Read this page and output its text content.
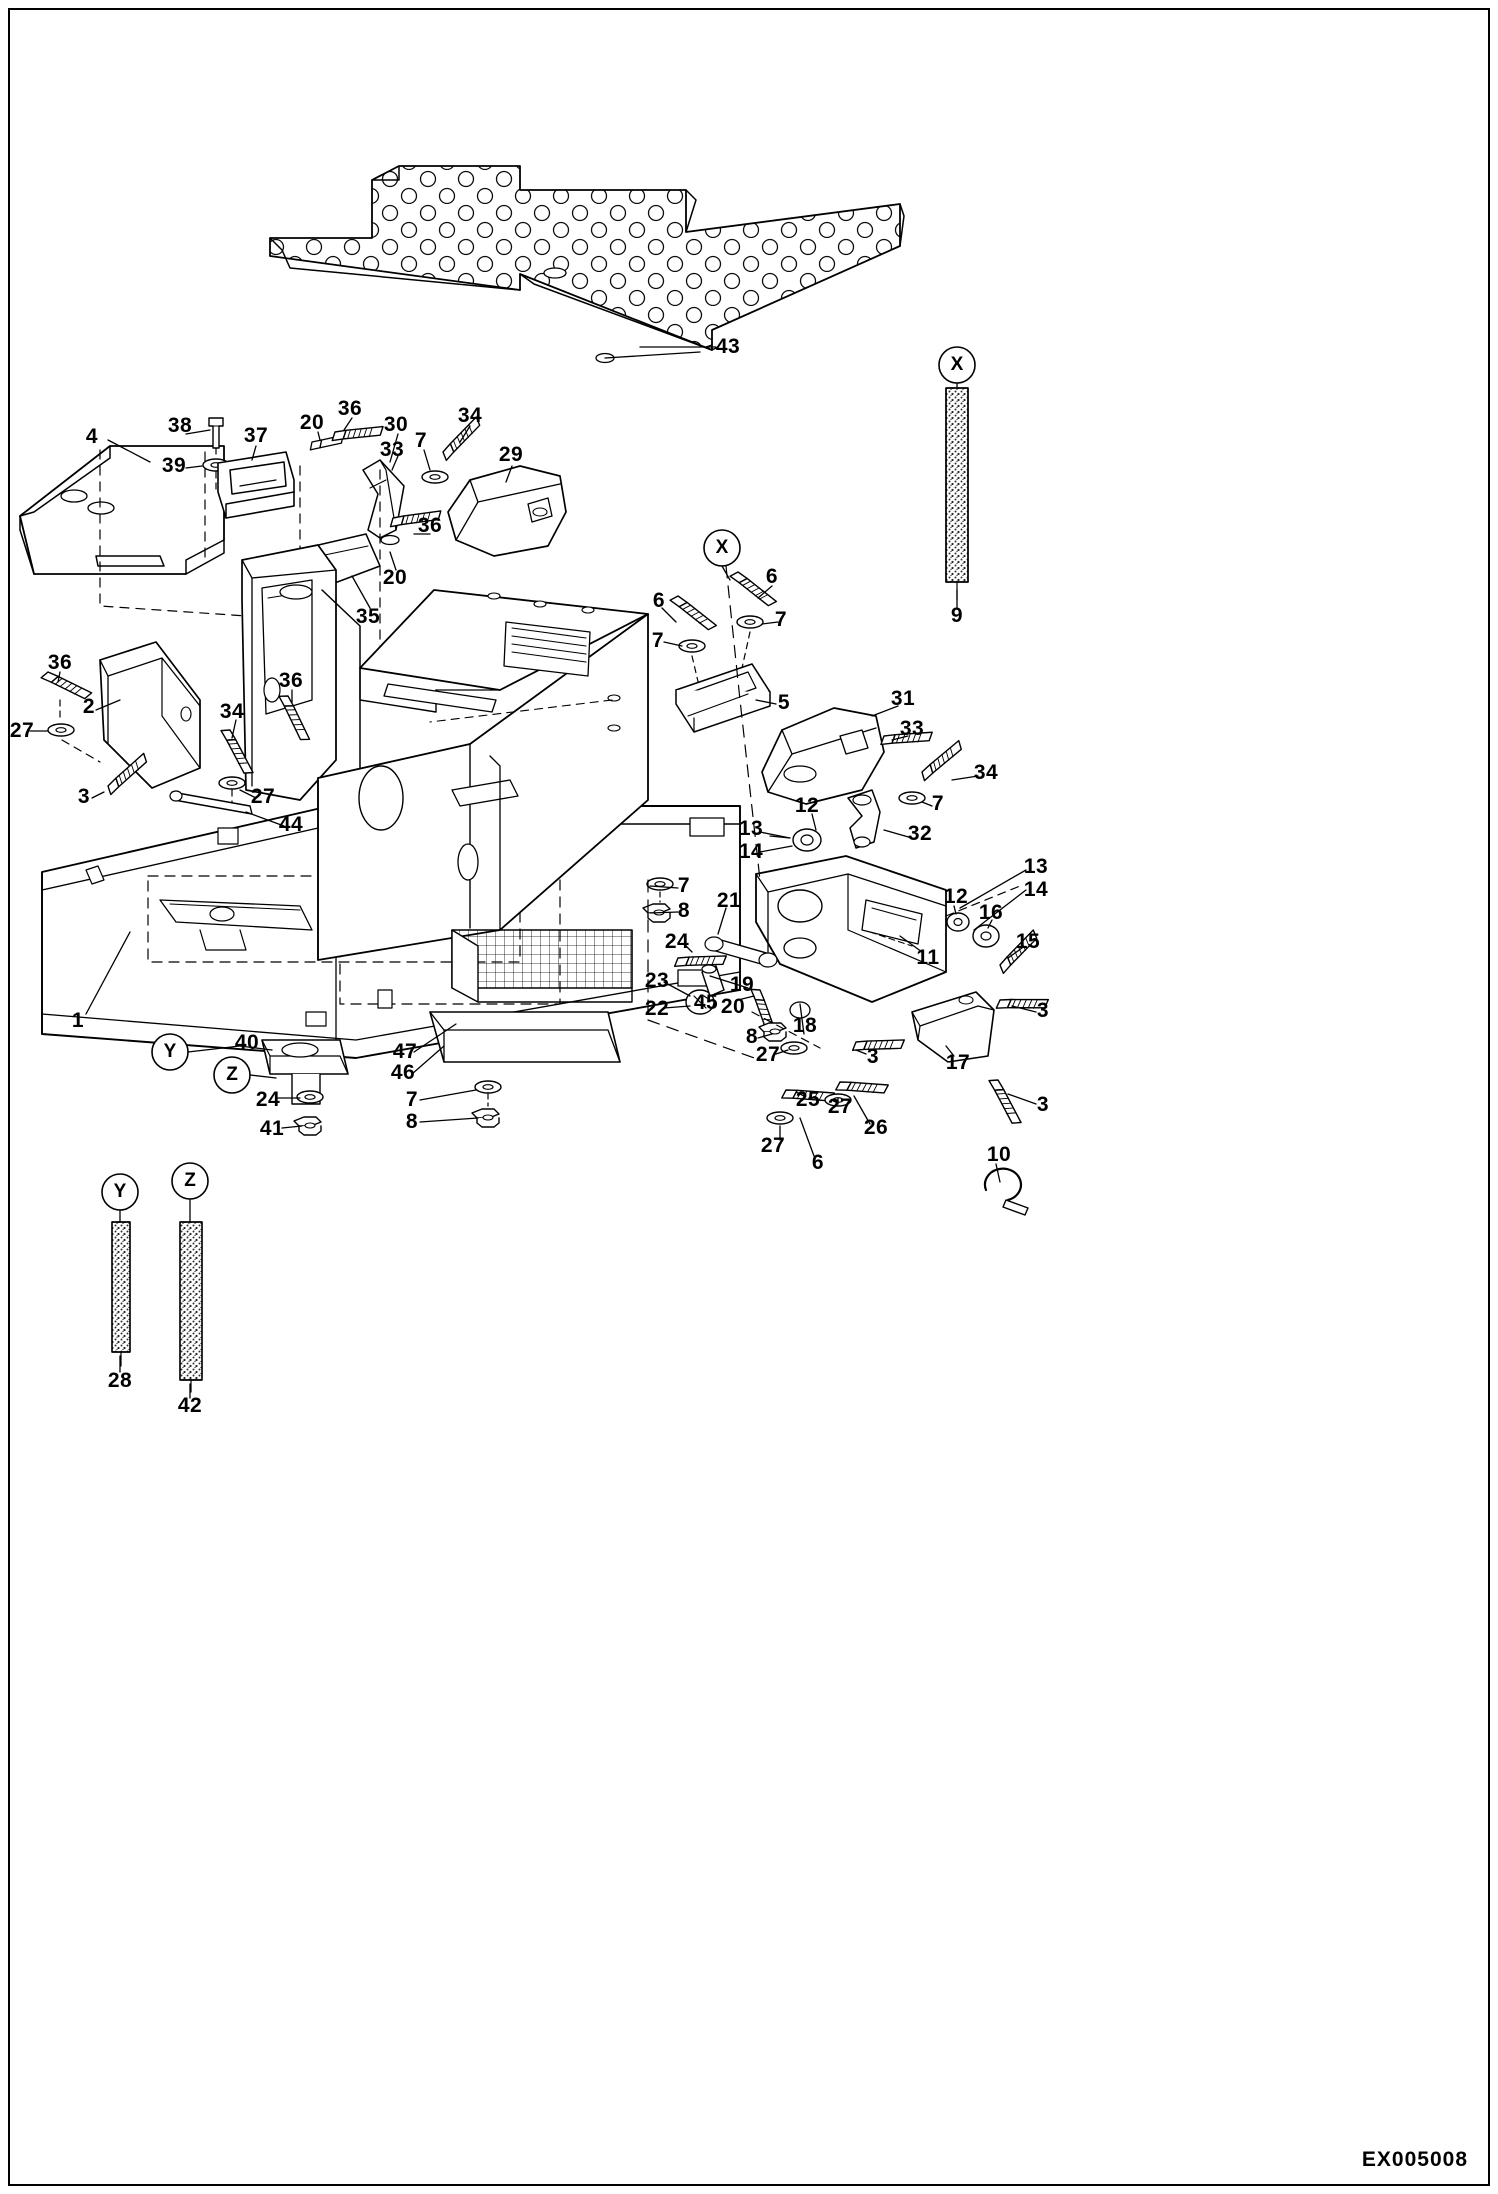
X
X
Y
Z
Y
Z
43
4	38 37
39
20
36
30
33 7
34
29
9
36
20
35
6
6
7
7
5	31
33
36
27
2
36
34
3	27
44
34
7
12
13
14
32
13
14
12
16
15
11
7
8 21
24
23	19
22 45 20
1
40
24
41
47
46
7
8
8 18
27	3
3
17
3
25 27
26
27
6	10
28
42
EX005008
